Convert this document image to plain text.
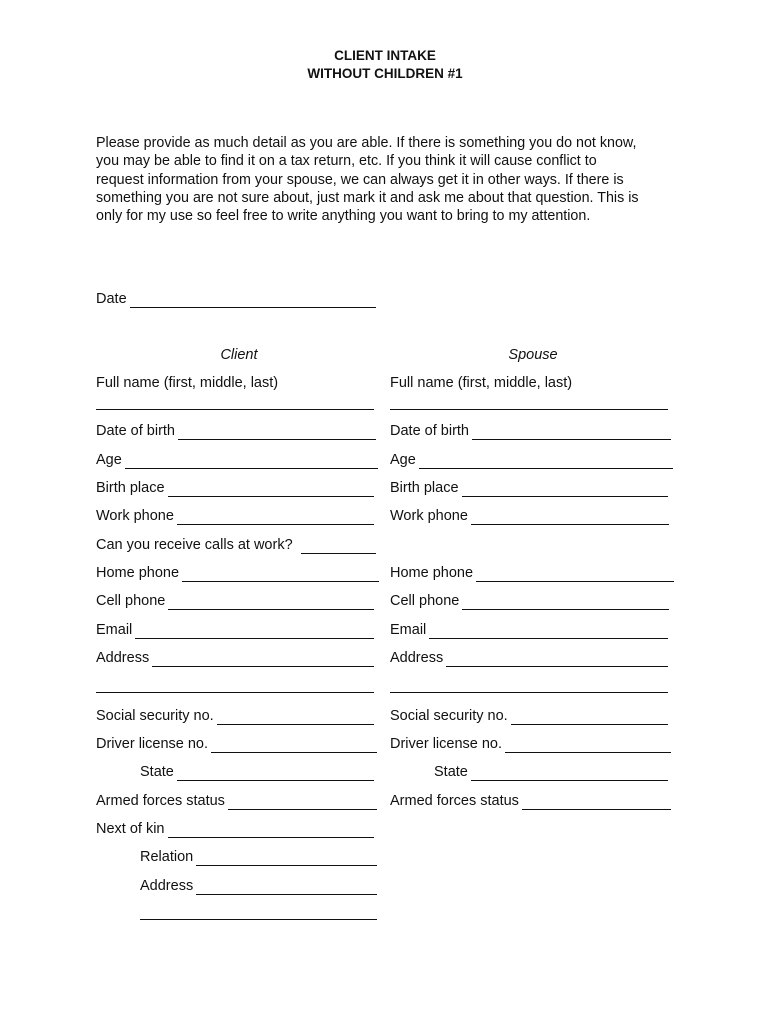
CLIENT INTAKE
WITHOUT CHILDREN #1
Please provide as much detail as you are able. If there is something you do not know,
you may be able to find it on a tax return, etc. If you think it will cause conflict to
request information from your spouse, we can always get it in other ways. If there is
something you are not sure about, just mark it and ask me about that question. This is
only for my use so feel free to write anything you want to bring to my attention.
Date
Client	Spouse
Full name (first, middle, last)	Full name (first, middle, last)
Date of birth
Age
Birth place
Work phone
Can you receive calls at work?
Home phone
Cell phone
Email
Address
Social security no.
Driver license no.
State
Armed forces status
Next of kin
Relation
Address
Date of birth
Age
Birth place
Work phone
Home phone
Cell phone
Email
Address
Social security no.
Driver license no.
State
Armed forces status
